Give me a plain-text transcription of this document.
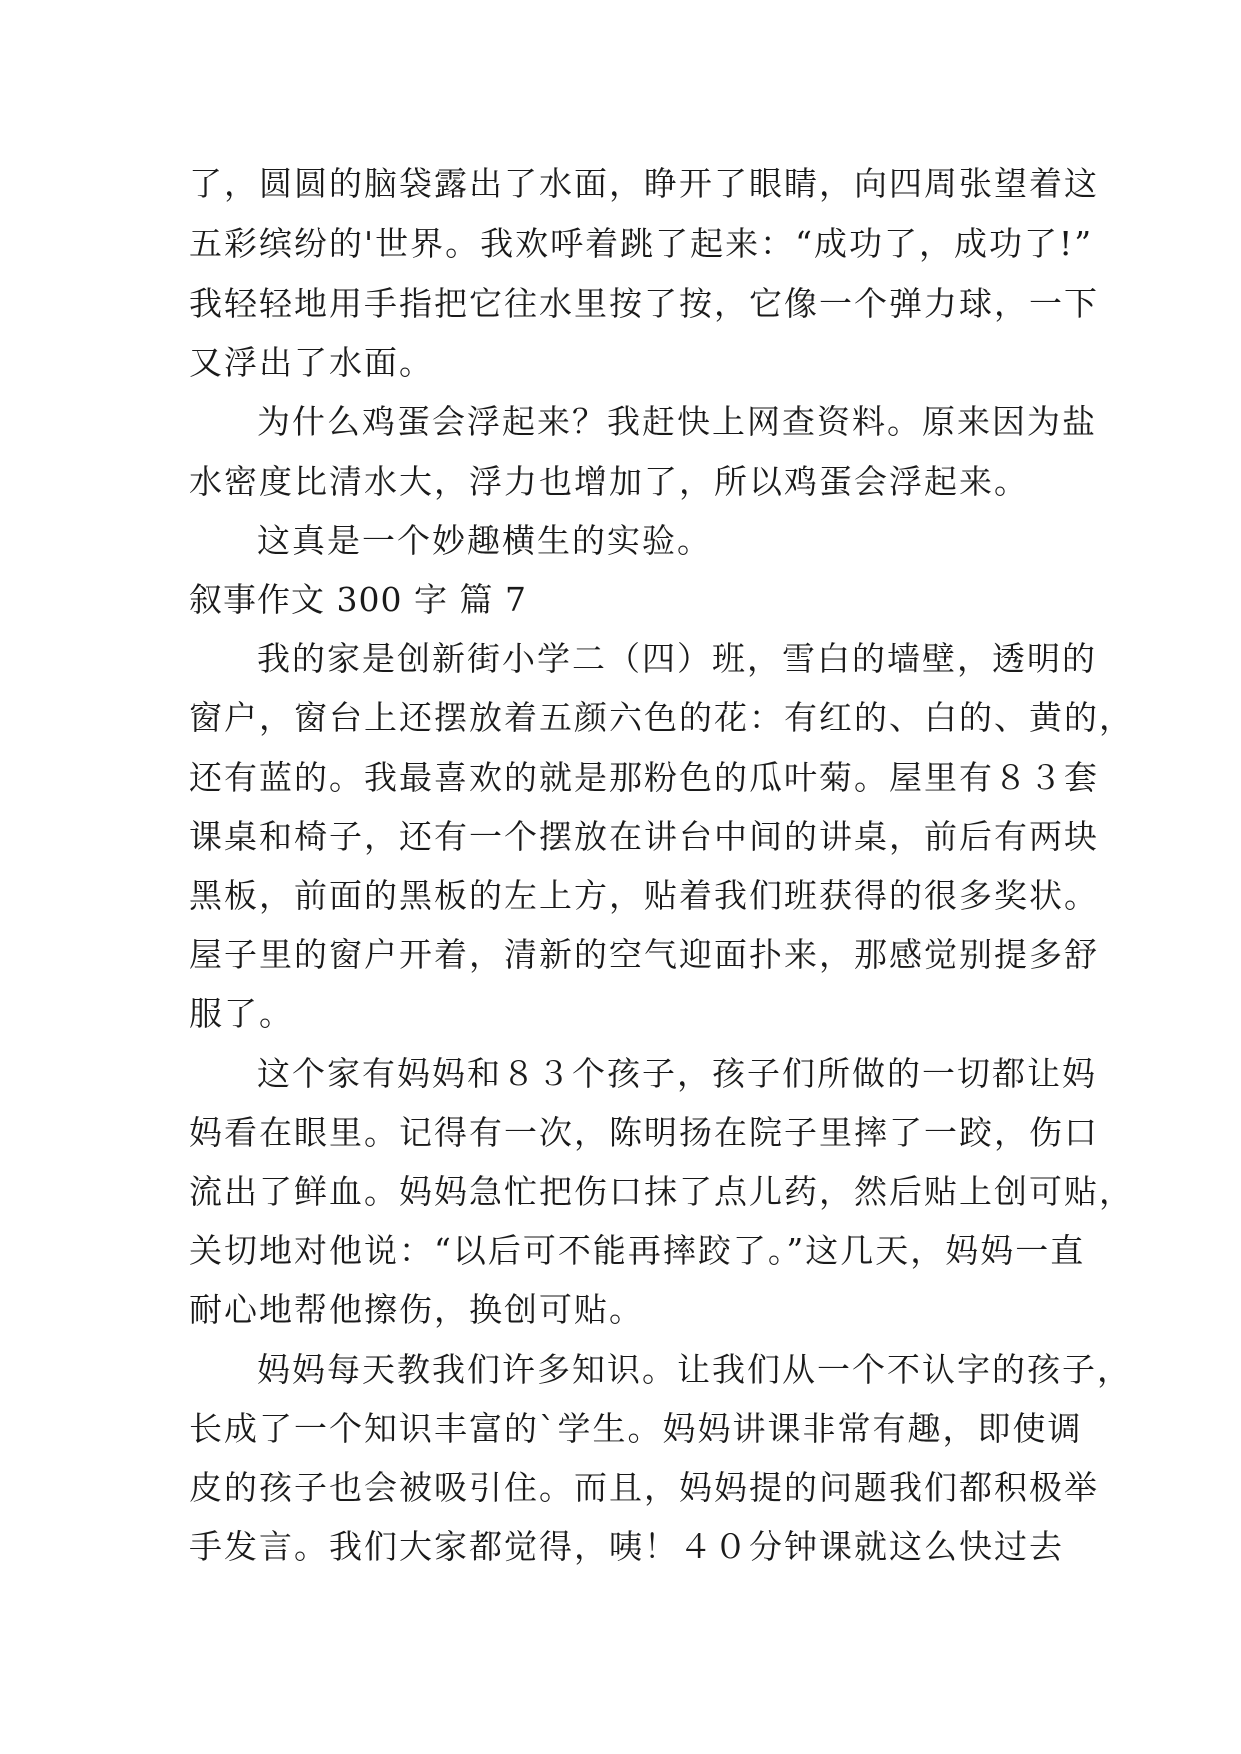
了，圆圆的脑袋露出了水面，睁开了眼睛，向四周张望着这
五彩缤纷的'世界。我欢呼着跳了起来：“成功了，成功了!”
我轻轻地用手指把它往水里按了按，它像一个弹力球，一下
又浮出了水面。
为什么鸡蛋会浮起来？我赶快上网查资料。原来因为盐
水密度比清水大，浮力也增加了，所以鸡蛋会浮起来。
这真是一个妙趣横生的实验。
叙事作文 300 字 篇 7
我的家是创新街小学二（四）班，雪白的墙壁，透明的
窗户，窗台上还摆放着五颜六色的花：有红的、白的、黄的，
还有蓝的。我最喜欢的就是那粉色的瓜叶菊。屋里有８３套
课桌和椅子，还有一个摆放在讲台中间的讲桌，前后有两块
黑板，前面的黑板的左上方，贴着我们班获得的很多奖状。
屋子里的窗户开着，清新的空气迎面扑来，那感觉别提多舒
服了。
这个家有妈妈和８３个孩子，孩子们所做的一切都让妈
妈看在眼里。记得有一次，陈明扬在院子里摔了一跤，伤口
流出了鲜血。妈妈急忙把伤口抹了点儿药，然后贴上创可贴，
关切地对他说：“以后可不能再摔跤了。”这几天，妈妈一直
耐心地帮他擦伤，换创可贴。
妈妈每天教我们许多知识。让我们从一个不认字的孩子，
长成了一个知识丰富的`学生。妈妈讲课非常有趣，即使调
皮的孩子也会被吸引住。而且，妈妈提的问题我们都积极举
手发言。我们大家都觉得，咦！４０分钟课就这么快过去
